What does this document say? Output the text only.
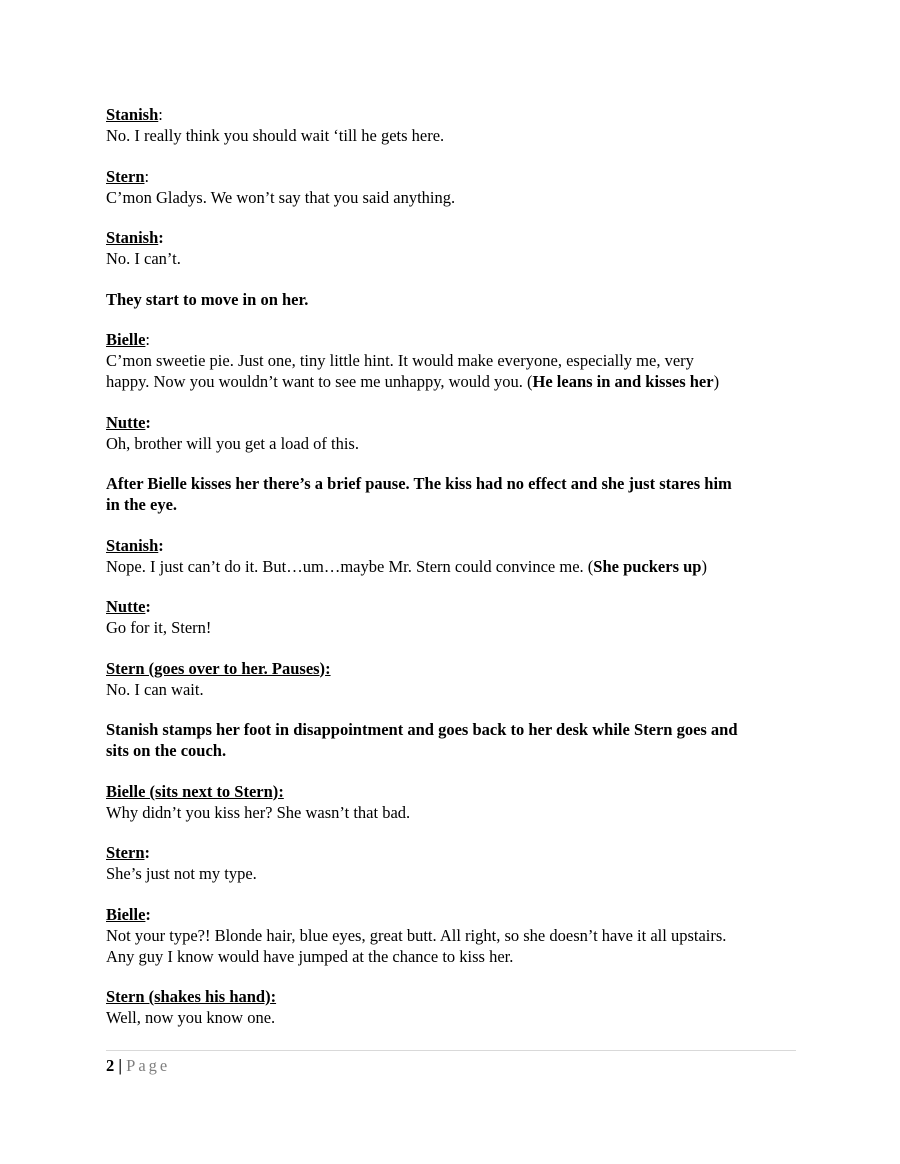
Stanish:
No. I really think you should wait ‘till he gets here.
Stern:
C’mon Gladys. We won’t say that you said anything.
Stanish:
No. I can’t.
They start to move in on her.
Bielle:
C’mon sweetie pie. Just one, tiny little hint. It would make everyone, especially me, very
happy. Now you wouldn’t want to see me unhappy, would you. (He leans in and kisses her)
Nutte:
Oh, brother will you get a load of this.
After Bielle kisses her there’s a brief pause. The kiss had no effect and she just stares him
in the eye.
Stanish:
Nope. I just can’t do it. But…um…maybe Mr. Stern could convince me. (She puckers up)
Nutte:
Go for it, Stern!
Stern (goes over to her. Pauses):
No. I can wait.
Stanish stamps her foot in disappointment and goes back to her desk while Stern goes and
sits on the couch.
Bielle (sits next to Stern):
Why didn’t you kiss her? She wasn’t that bad.
Stern:
She’s just not my type.
Bielle:
Not your type?! Blonde hair, blue eyes, great butt. All right, so she doesn’t have it all upstairs.
Any guy I know would have jumped at the chance to kiss her.
Stern (shakes his hand):
Well, now you know one.
2 | Page
